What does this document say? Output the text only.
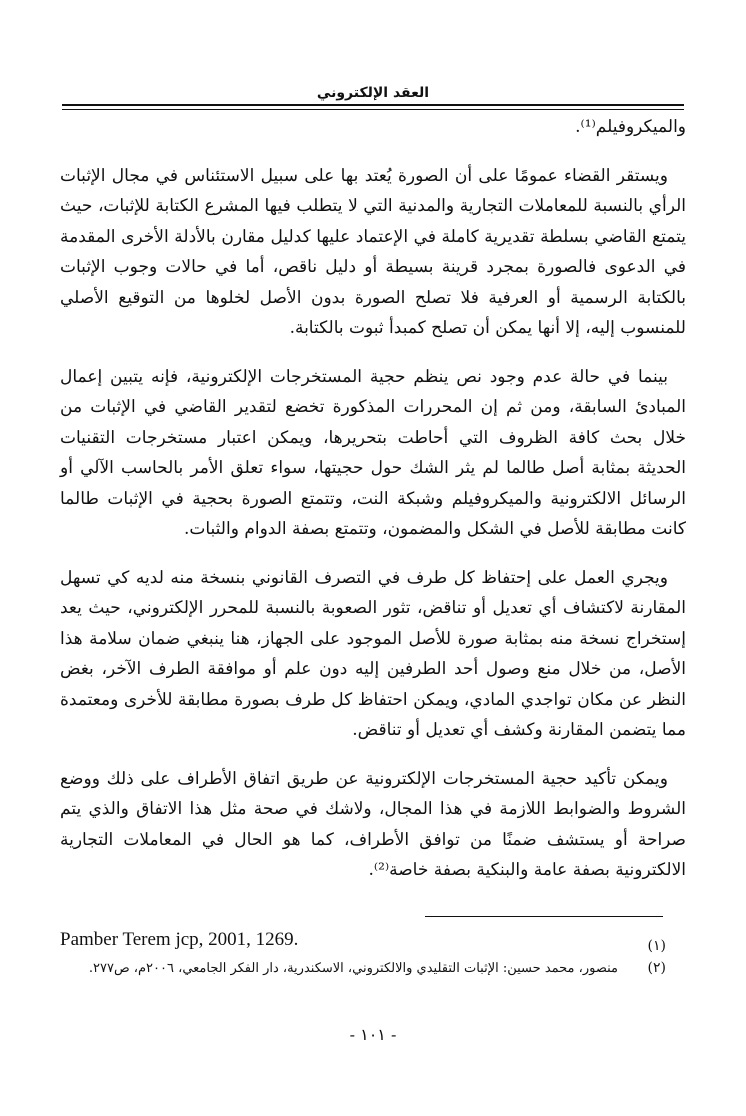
العقد الإلكتروني

والميكروفيلم⁽¹⁾.

ويستقر القضاء عمومًا على أن الصورة يُعتد بها على سبيل الاستئناس في مجال الإثبات الرأي بالنسبة للمعاملات التجارية والمدنية التي لا يتطلب فيها المشرع الكتابة للإثبات، حيث يتمتع القاضي بسلطة تقديرية كاملة في الإعتماد عليها كدليل مقارن بالأدلة الأخرى المقدمة في الدعوى فالصورة بمجرد قرينة بسيطة أو دليل ناقص، أما في حالات وجوب الإثبات بالكتابة الرسمية أو العرفية فلا تصلح الصورة بدون الأصل لخلوها من التوقيع الأصلي للمنسوب إليه، إلا أنها يمكن أن تصلح كمبدأ ثبوت بالكتابة.

بينما في حالة عدم وجود نص ينظم حجية المستخرجات الإلكترونية، فإنه يتبين إعمال المبادئ السابقة، ومن ثم إن المحررات المذكورة تخضع لتقدير القاضي في الإثبات من خلال بحث كافة الظروف التي أحاطت بتحريرها، ويمكن اعتبار مستخرجات التقنيات الحديثة بمثابة أصل طالما لم يثر الشك حول حجيتها، سواء تعلق الأمر بالحاسب الآلي أو الرسائل الالكترونية والميكروفيلم وشبكة النت، وتتمتع الصورة بحجية في الإثبات طالما كانت مطابقة للأصل في الشكل والمضمون، وتتمتع بصفة الدوام والثبات.

ويجري العمل على إحتفاظ كل طرف في التصرف القانوني بنسخة منه لديه كي تسهل المقارنة لاكتشاف أي تعديل أو تناقض، تثور الصعوبة بالنسبة للمحرر الإلكتروني، حيث يعد إستخراج نسخة منه بمثابة صورة للأصل الموجود على الجهاز، هنا ينبغي ضمان سلامة هذا الأصل، من خلال منع وصول أحد الطرفين إليه دون علم أو موافقة الطرف الآخر، بغض النظر عن مكان تواجدي المادي، ويمكن احتفاظ كل طرف بصورة مطابقة للأخرى ومعتمدة مما يتضمن المقارنة وكشف أي تعديل أو تناقض.

ويمكن تأكيد حجية المستخرجات الإلكترونية عن طريق اتفاق الأطراف على ذلك ووضع الشروط والضوابط اللازمة في هذا المجال، ولاشك في صحة مثل هذا الاتفاق والذي يتم صراحة أو يستشف ضمنًا من توافق الأطراف، كما هو الحال في المعاملات التجارية الالكترونية بصفة عامة والبنكية بصفة خاصة⁽²⁾.

(١)
Pamber Terem jcp, 2001, 1269.
(٢)
منصور، محمد حسين: الإثبات التقليدي والالكتروني، الاسكندرية، دار الفكر الجامعي، ٢٠٠٦م، ص٢٧٧.
- ١٠١ -
